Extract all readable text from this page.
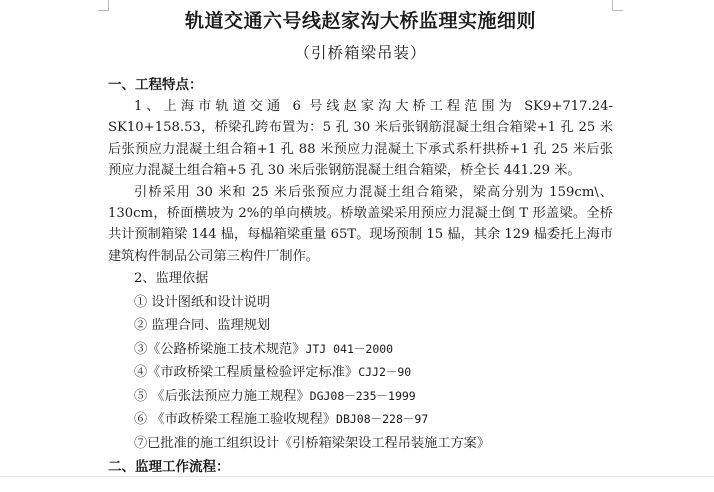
轨道交通六号线赵家沟大桥监理实施细则
（引桥箱梁吊装）
一、工程特点：

1、上海市轨道交通 6 号线赵家沟大桥工程范围为 SK9+717.24-SK10+158.53，桥梁孔跨布置为：5 孔 30 米后张钢筋混凝土组合箱梁+1 孔 25 米后张预应力混凝土组合箱+1 孔 88 米预应力混凝土下承式系杆拱桥+1 孔 25 米后张预应力混凝土组合箱+5 孔 30 米后张钢筋混凝土组合箱梁，桥全长 441.29 米。

引桥采用 30 米和 25 米后张预应力混凝土组合箱梁，梁高分别为 159cm\、130cm，桥面横坡为 2%的单向横坡。桥墩盖梁采用预应力混凝土倒 T 形盖梁。全桥共计预制箱梁 144 榀，每榀箱梁重量 65T。现场预制 15 榀，其余 129 榀委托上海市建筑构件制品公司第三构件厂制作。

2、监理依据
① 设计图纸和设计说明
② 监理合同、监理规划
③《公路桥梁施工技术规范》JTJ 041－2000
④《市政桥梁工程质量检验评定标准》CJJ2－90
⑤ 《后张法预应力施工规程》DGJ08－235－1999
⑥ 《市政桥梁工程施工验收规程》DBJ08－228－97
⑦已批准的施工组织设计《引桥箱梁架设工程吊装施工方案》
二、监理工作流程：
